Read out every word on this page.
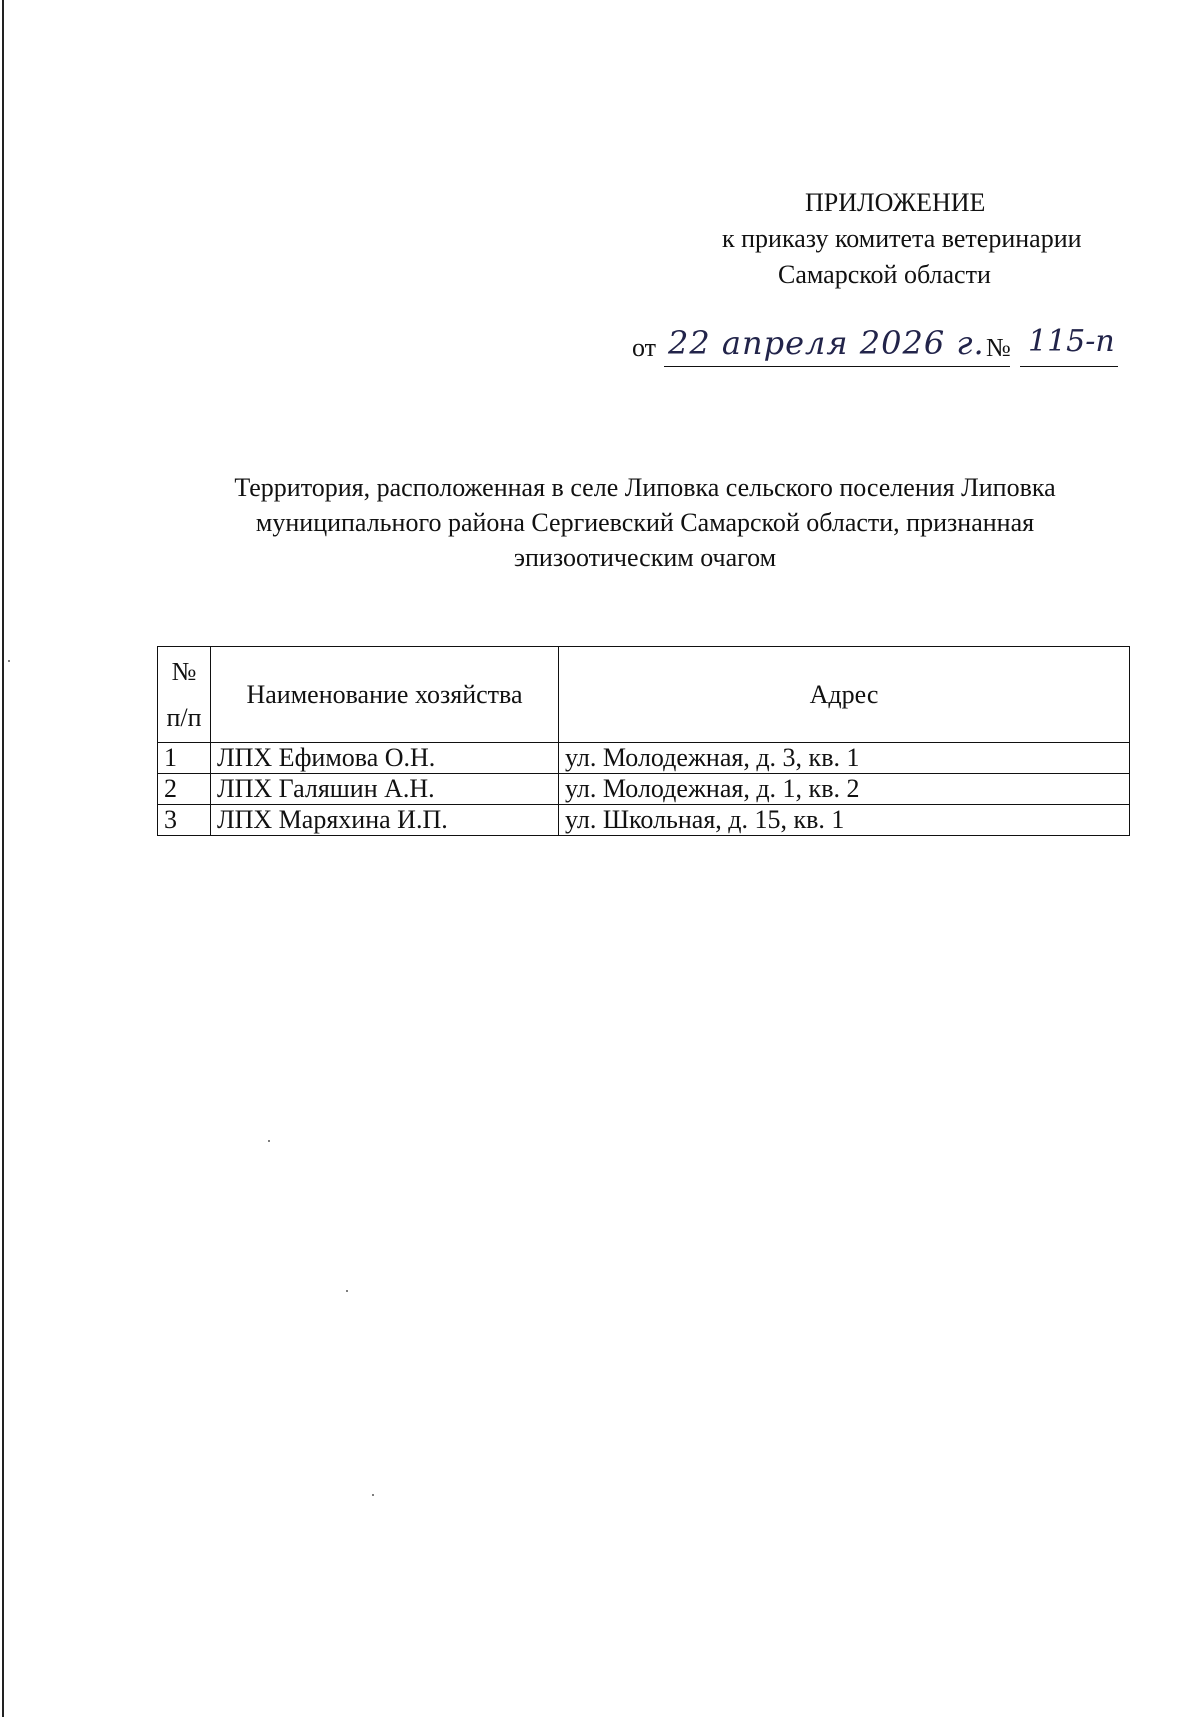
ПРИЛОЖЕНИЕ
к приказу комитета ветеринарии
Самарской области
от 22 апреля 2026 г. № 115-п
Территория, расположенная в селе Липовка сельского поселения Липовка
муниципального района Сергиевский Самарской области, признанная
эпизоотическим очагом
№
п/п	Наименование хозяйства	Адрес
1	ЛПХ Ефимова О.Н.	ул. Молодежная, д. 3, кв. 1
2	ЛПХ Галяшин А.Н.	ул. Молодежная, д. 1, кв. 2
3	ЛПХ Маряхина И.П.	ул. Школьная, д. 15, кв. 1
